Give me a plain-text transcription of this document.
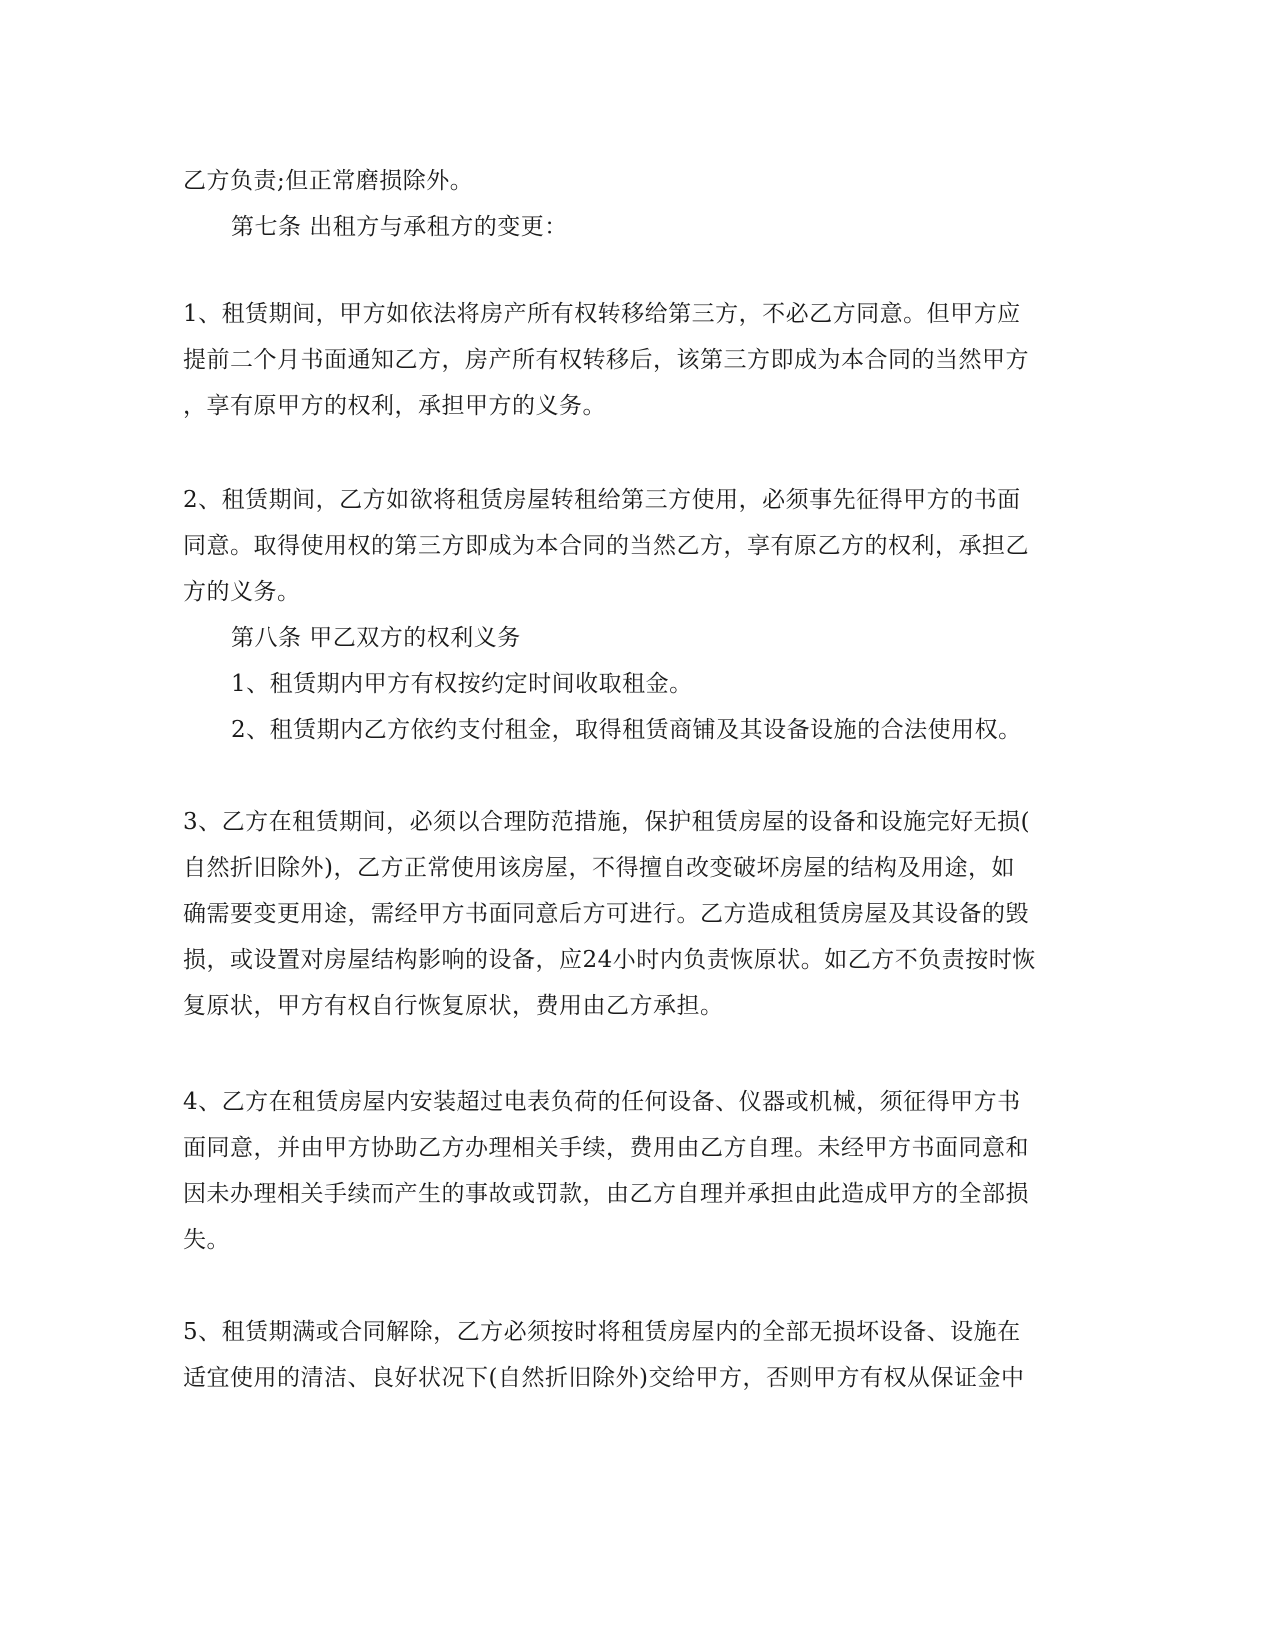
乙方负责;但正常磨损除外。
第七条 出租方与承租方的变更：
1、租赁期间，甲方如依法将房产所有权转移给第三方，不必乙方同意。但甲方应
提前二个月书面通知乙方，房产所有权转移后，该第三方即成为本合同的当然甲方
，享有原甲方的权利，承担甲方的义务。
2、租赁期间，乙方如欲将租赁房屋转租给第三方使用，必须事先征得甲方的书面
同意。取得使用权的第三方即成为本合同的当然乙方，享有原乙方的权利，承担乙
方的义务。
第八条 甲乙双方的权利义务
1、租赁期内甲方有权按约定时间收取租金。
2、租赁期内乙方依约支付租金，取得租赁商铺及其设备设施的合法使用权。
3、乙方在租赁期间，必须以合理防范措施，保护租赁房屋的设备和设施完好无损(
自然折旧除外)，乙方正常使用该房屋，不得擅自改变破坏房屋的结构及用途，如
确需要变更用途，需经甲方书面同意后方可进行。乙方造成租赁房屋及其设备的毁
损，或设置对房屋结构影响的设备，应24小时内负责恢原状。如乙方不负责按时恢
复原状，甲方有权自行恢复原状，费用由乙方承担。
4、乙方在租赁房屋内安装超过电表负荷的任何设备、仪器或机械，须征得甲方书
面同意，并由甲方协助乙方办理相关手续，费用由乙方自理。未经甲方书面同意和
因未办理相关手续而产生的事故或罚款，由乙方自理并承担由此造成甲方的全部损
失。
5、租赁期满或合同解除，乙方必须按时将租赁房屋内的全部无损坏设备、设施在
适宜使用的清洁、良好状况下(自然折旧除外)交给甲方，否则甲方有权从保证金中
